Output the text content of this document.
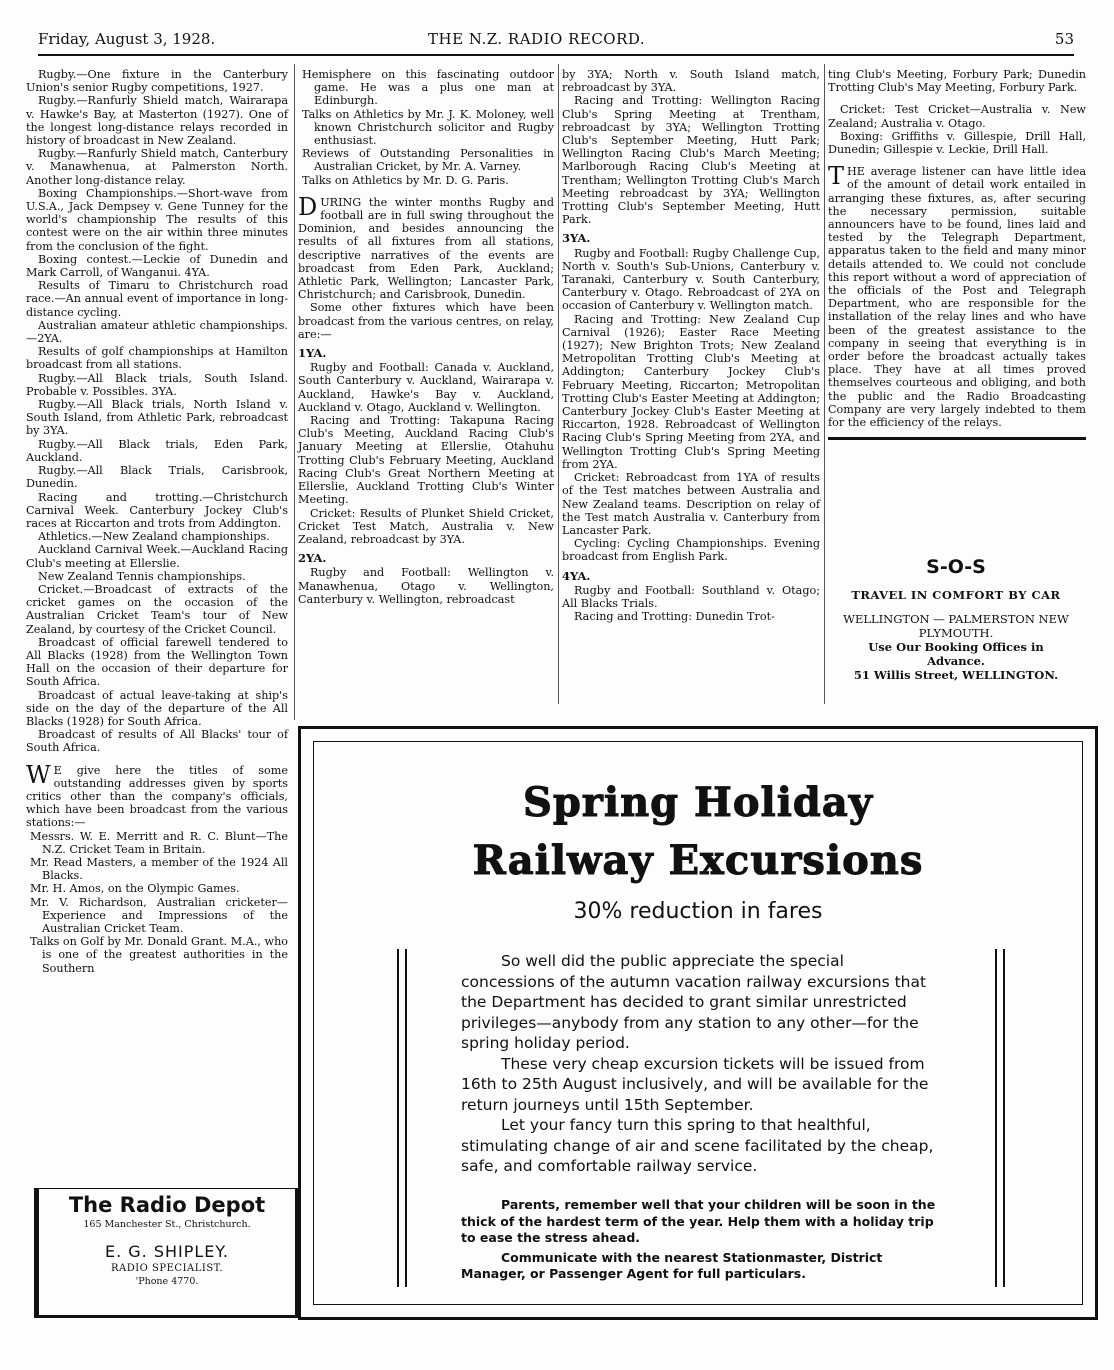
Friday, August 3, 1928.	THE N.Z. RADIO RECORD.	53

Rugby.—One fixture in the Canterbury Union's senior Rugby competitions, 1927.

Rugby.—Ranfurly Shield match, Wairarapa v. Hawke's Bay, at Masterton (1927). One of the longest long-distance relays recorded in history of broadcast in New Zealand.

Rugby.—Ranfurly Shield match, Canterbury v. Manawhenua, at Palmerston North. Another long-distance relay.

Boxing Championships.—Short-wave from U.S.A., Jack Dempsey v. Gene Tunney for the world's championship The results of this contest were on the air within three minutes from the conclusion of the fight.

Boxing contest.—Leckie of Dunedin and Mark Carroll, of Wanganui. 4YA.

Results of Timaru to Christchurch road race.—An annual event of importance in long-distance cycling.

Australian amateur athletic championships.—2YA.

Results of golf championships at Hamilton broadcast from all stations.

Rugby.—All Black trials, South Island. Probable v. Possibles. 3YA.

Rugby.—All Black trials, North Island v. South Island, from Athletic Park, rebroadcast by 3YA.

Rugby.—All Black trials, Eden Park, Auckland.

Rugby.—All Black Trials, Carisbrook, Dunedin.

Racing and trotting.—Christchurch Carnival Week. Canterbury Jockey Club's races at Riccarton and trots from Addington.

Athletics.—New Zealand championships.

Auckland Carnival Week.—Auckland Racing Club's meeting at Ellerslie.

New Zealand Tennis championships.

Cricket.—Broadcast of extracts of the cricket games on the occasion of the Australian Cricket Team's tour of New Zealand, by courtesy of the Cricket Council.

Broadcast of official farewell tendered to All Blacks (1928) from the Wellington Town Hall on the occasion of their departure for South Africa.

Broadcast of actual leave-taking at ship's side on the day of the departure of the All Blacks (1928) for South Africa.

Broadcast of results of All Blacks' tour of South Africa.

W E give here the titles of some outstanding addresses given by sports critics other than the company's officials, which have been broadcast from the various stations:—

Messrs. W. E. Merritt and R. C. Blunt—The N.Z. Cricket Team in Britain.

Mr. Read Masters, a member of the 1924 All Blacks.

Mr. H. Amos, on the Olympic Games.

Mr. V. Richardson, Australian cricketer—Experience and Impressions of the Australian Cricket Team.

Talks on Golf by Mr. Donald Grant. M.A., who is one of the greatest authorities in the Southern

Hemisphere on this fascinating outdoor game. He was a plus one man at Edinburgh.

Talks on Athletics by Mr. J. K. Moloney, well known Christchurch solicitor and Rugby enthusiast.

Reviews of Outstanding Personalities in Australian Cricket, by Mr. A. Varney.

Talks on Athletics by Mr. D. G. Paris.

DURING the winter months Rugby and football are in full swing throughout the Dominion, and besides announcing the results of all fixtures from all stations, descriptive narratives of the events are broadcast from Eden Park, Auckland; Athletic Park, Wellington; Lancaster Park, Christchurch; and Carisbrook, Dunedin.

Some other fixtures which have been broadcast from the various centres, on relay, are:—

1YA.

Rugby and Football: Canada v. Auckland, South Canterbury v. Auckland, Wairarapa v. Auckland, Hawke's Bay v. Auckland, Auckland v. Otago, Auckland v. Wellington.

Racing and Trotting: Takapuna Racing Club's Meeting, Auckland Racing Club's January Meeting at Ellerslie, Otahuhu Trotting Club's February Meeting, Auckland Racing Club's Great Northern Meeting at Ellerslie, Auckland Trotting Club's Winter Meeting.

Cricket: Results of Plunket Shield Cricket, Cricket Test Match, Australia v. New Zealand, rebroadcast by 3YA.

2YA.

Rugby and Football: Wellington v. Manawhenua, Otago v. Wellington, Canterbury v. Wellington, rebroadcast

by 3YA; North v. South Island match, rebroadcast by 3YA.

Racing and Trotting: Wellington Racing Club's Spring Meeting at Trentham, rebroadcast by 3YA; Wellington Trotting Club's September Meeting, Hutt Park; Wellington Racing Club's March Meeting; Marlborough Racing Club's Meeting at Trentham; Wellington Trotting Club's March Meeting rebroadcast by 3YA; Wellington Trotting Club's September Meeting, Hutt Park.

3YA.

Rugby and Football: Rugby Challenge Cup, North v. South's Sub-Unions, Canterbury v. Taranaki, Canterbury v. South Canterbury, Canterbury v. Otago. Rebroadcast of 2YA on occasion of Canterbury v. Wellington match.

Racing and Trotting: New Zealand Cup Carnival (1926); Easter Race Meeting (1927); New Brighton Trots; New Zealand Metropolitan Trotting Club's Meeting at Addington; Canterbury Jockey Club's February Meeting, Riccarton; Metropolitan Trotting Club's Easter Meeting at Addington; Canterbury Jockey Club's Easter Meeting at Riccarton, 1928. Rebroadcast of Wellington Racing Club's Spring Meeting from 2YA, and Wellington Trotting Club's Spring Meeting from 2YA.

Cricket: Rebroadcast from 1YA of results of the Test matches between Australia and New Zealand teams. Description on relay of the Test match Australia v. Canterbury from Lancaster Park.

Cycling: Cycling Championships. Evening broadcast from English Park.

4YA.

Rugby and Football: Southland v. Otago; All Blacks Trials.

Racing and Trotting: Dunedin Trot-

ting Club's Meeting, Forbury Park; Dunedin Trotting Club's May Meeting, Forbury Park.

Cricket: Test Cricket—Australia v. New Zealand; Australia v. Otago.

Boxing: Griffiths v. Gillespie, Drill Hall, Dunedin; Gillespie v. Leckie, Drill Hall.

THE average listener can have little idea of the amount of detail work entailed in arranging these fixtures, as, after securing the necessary permission, suitable announcers have to be found, lines laid and tested by the Telegraph Department, apparatus taken to the field and many minor details attended to. We could not conclude this report without a word of appreciation of the officials of the Post and Telegraph Department, who are responsible for the installation of the relay lines and who have been of the greatest assistance to the company in seeing that everything is in order before the broadcast actually takes place. They have at all times proved themselves courteous and obliging, and both the public and the Radio Broadcasting Company are very largely indebted to them for the efficiency of the relays.

S-O-S
TRAVEL IN COMFORT BY CAR
WELLINGTON — PALMERSTON NEW PLYMOUTH.
Use Our Booking Offices in Advance.
51 Willis Street, WELLINGTON.
The Radio Depot
165 Manchester St., Christchurch.
E. G. SHIPLEY.
RADIO SPECIALIST.
'Phone 4770.
Spring Holiday
Railway Excursions
30% reduction in fares

So well did the public appreciate the special concessions of the autumn vacation railway excursions that the Department has decided to grant similar unrestricted privileges—anybody from any station to any other—for the spring holiday period.

These very cheap excursion tickets will be issued from 16th to 25th August inclusively, and will be available for the return journeys until 15th September.

Let your fancy turn this spring to that healthful, stimulating change of air and scene facilitated by the cheap, safe, and comfortable railway service.

Parents, remember well that your children will be soon in the thick of the hardest term of the year. Help them with a holiday trip to ease the stress ahead.

Communicate with the nearest Stationmaster, District Manager, or Passenger Agent for full particulars.
